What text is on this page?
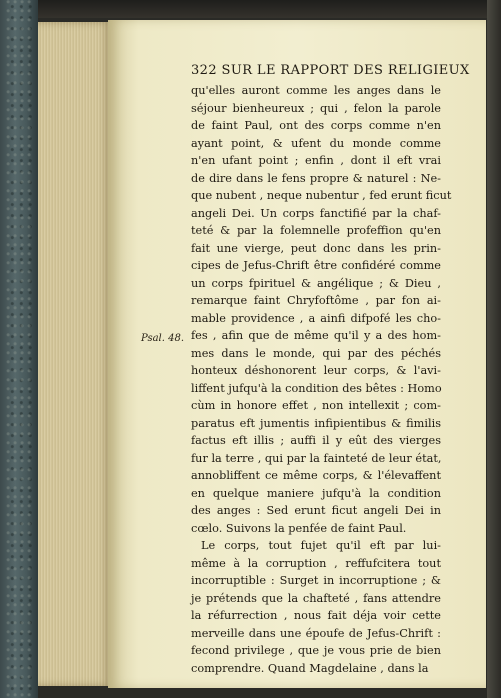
322 SUR LE RAPPORT DES RELIGIEUX
Psal. 48.
qu'elles auront comme les anges dans le
séjour bienheureux ; qui , felon la parole
de faint Paul, ont des corps comme n'en
ayant point, & ufent du monde comme
n'en ufant point ; enfin , dont il eft vrai
de dire dans le fens propre & naturel : Ne-
que nubent , neque nubentur , fed erunt ficut
angeli Dei. Un corps fanctifié par la chaf-
teté & par la folemnelle profeffion qu'en
fait une vierge, peut donc dans les prin-
cipes de Jefus-Chrift être confidéré comme
un corps fpirituel & angélique ; & Dieu ,
remarque faint Chryfoftôme , par fon ai-
mable providence , a ainfi difpofé les cho-
fes , afin que de même qu'il y a des hom-
mes dans le monde, qui par des péchés
honteux déshonorent leur corps, & l'avi-
liffent jufqu'à la condition des bêtes : Homo
cùm in honore effet , non intellexit ; com-
paratus eft jumentis infipientibus & fimilis
factus eft illis ; auffi il y eût des vierges
fur la terre , qui par la fainteté de leur état,
annobliffent ce même corps, & l'élevaffent
en quelque maniere jufqu'à la condition
des anges : Sed erunt ficut angeli Dei in
cœlo. Suivons la penfée de faint Paul.
Le corps, tout fujet qu'il eft par lui-
même à la corruption , reffufcitera tout
incorruptible : Surget in incorruptione ; &
je prétends que la chafteté , fans attendre
la réfurrection , nous fait déja voir cette
merveille dans une époufe de Jefus-Chrift :
fecond privilege , que je vous prie de bien
comprendre. Quand Magdelaine , dans la
